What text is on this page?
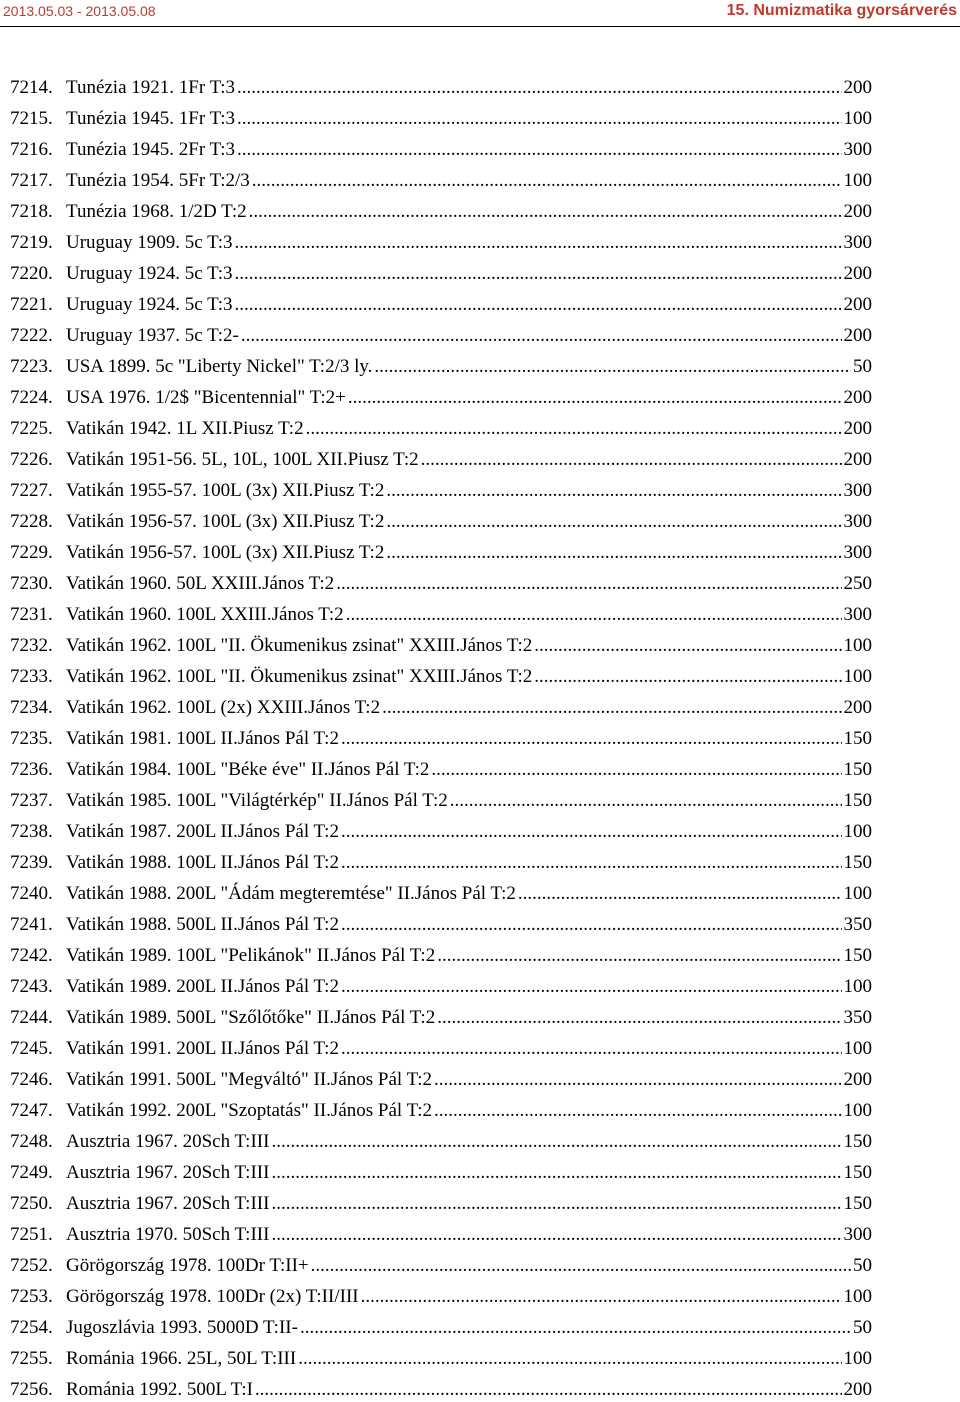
2013.05.03 - 2013.05.08	15. Numizmatika gyorsárverés
7214. Tunézia 1921. 1Fr T:3 .....	200
7215. Tunézia 1945. 1Fr T:3 .....	100
7216. Tunézia 1945. 2Fr T:3 .....	300
7217. Tunézia 1954. 5Fr T:2/3 .....	100
7218. Tunézia 1968. 1/2D T:2 .....	200
7219. Uruguay 1909. 5c T:3 .....	300
7220. Uruguay 1924. 5c T:3 .....	200
7221. Uruguay 1924. 5c T:3 .....	200
7222. Uruguay 1937. 5c T:2- .....	200
7223. USA 1899. 5c "Liberty Nickel" T:2/3 ly. .....	50
7224. USA 1976. 1/2$ "Bicentennial" T:2+ .....	200
7225. Vatikán 1942. 1L XII.Piusz T:2 .....	200
7226. Vatikán 1951-56. 5L, 10L, 100L XII.Piusz T:2 .....	200
7227. Vatikán 1955-57. 100L (3x) XII.Piusz T:2 .....	300
7228. Vatikán 1956-57. 100L (3x) XII.Piusz T:2 .....	300
7229. Vatikán 1956-57. 100L (3x) XII.Piusz T:2 .....	300
7230. Vatikán 1960. 50L XXIII.János T:2 .....	250
7231. Vatikán 1960. 100L XXIII.János T:2 .....	300
7232. Vatikán 1962. 100L "II. Ökumenikus zsinat" XXIII.János T:2 .....	100
7233. Vatikán 1962. 100L "II. Ökumenikus zsinat" XXIII.János T:2 .....	100
7234. Vatikán 1962. 100L (2x) XXIII.János T:2 .....	200
7235. Vatikán 1981. 100L II.János Pál T:2 .....	150
7236. Vatikán 1984. 100L "Béke éve" II.János Pál T:2 .....	150
7237. Vatikán 1985. 100L "Világtérkép" II.János Pál T:2 .....	150
7238. Vatikán 1987. 200L II.János Pál T:2 .....	100
7239. Vatikán 1988. 100L II.János Pál T:2 .....	150
7240. Vatikán 1988. 200L "Ádám megteremtése" II.János Pál T:2 .....	100
7241. Vatikán 1988. 500L II.János Pál T:2 .....	350
7242. Vatikán 1989. 100L "Pelikánok" II.János Pál T:2 .....	150
7243. Vatikán 1989. 200L II.János Pál T:2 .....	100
7244. Vatikán 1989. 500L "Szőlőtőke" II.János Pál T:2 .....	350
7245. Vatikán 1991. 200L II.János Pál T:2 .....	100
7246. Vatikán 1991. 500L "Megváltó" II.János Pál T:2 .....	200
7247. Vatikán 1992. 200L "Szoptatás" II.János Pál T:2 .....	100
7248. Ausztria 1967. 20Sch T:III .....	150
7249. Ausztria 1967. 20Sch T:III .....	150
7250. Ausztria 1967. 20Sch T:III .....	150
7251. Ausztria 1970. 50Sch T:III .....	300
7252. Görögország 1978. 100Dr T:II+ .....	50
7253. Görögország 1978. 100Dr (2x) T:II/III .....	100
7254. Jugoszlávia 1993. 5000D T:II- .....	50
7255. Románia 1966. 25L, 50L T:III .....	100
7256. Románia 1992. 500L T:I .....	200
